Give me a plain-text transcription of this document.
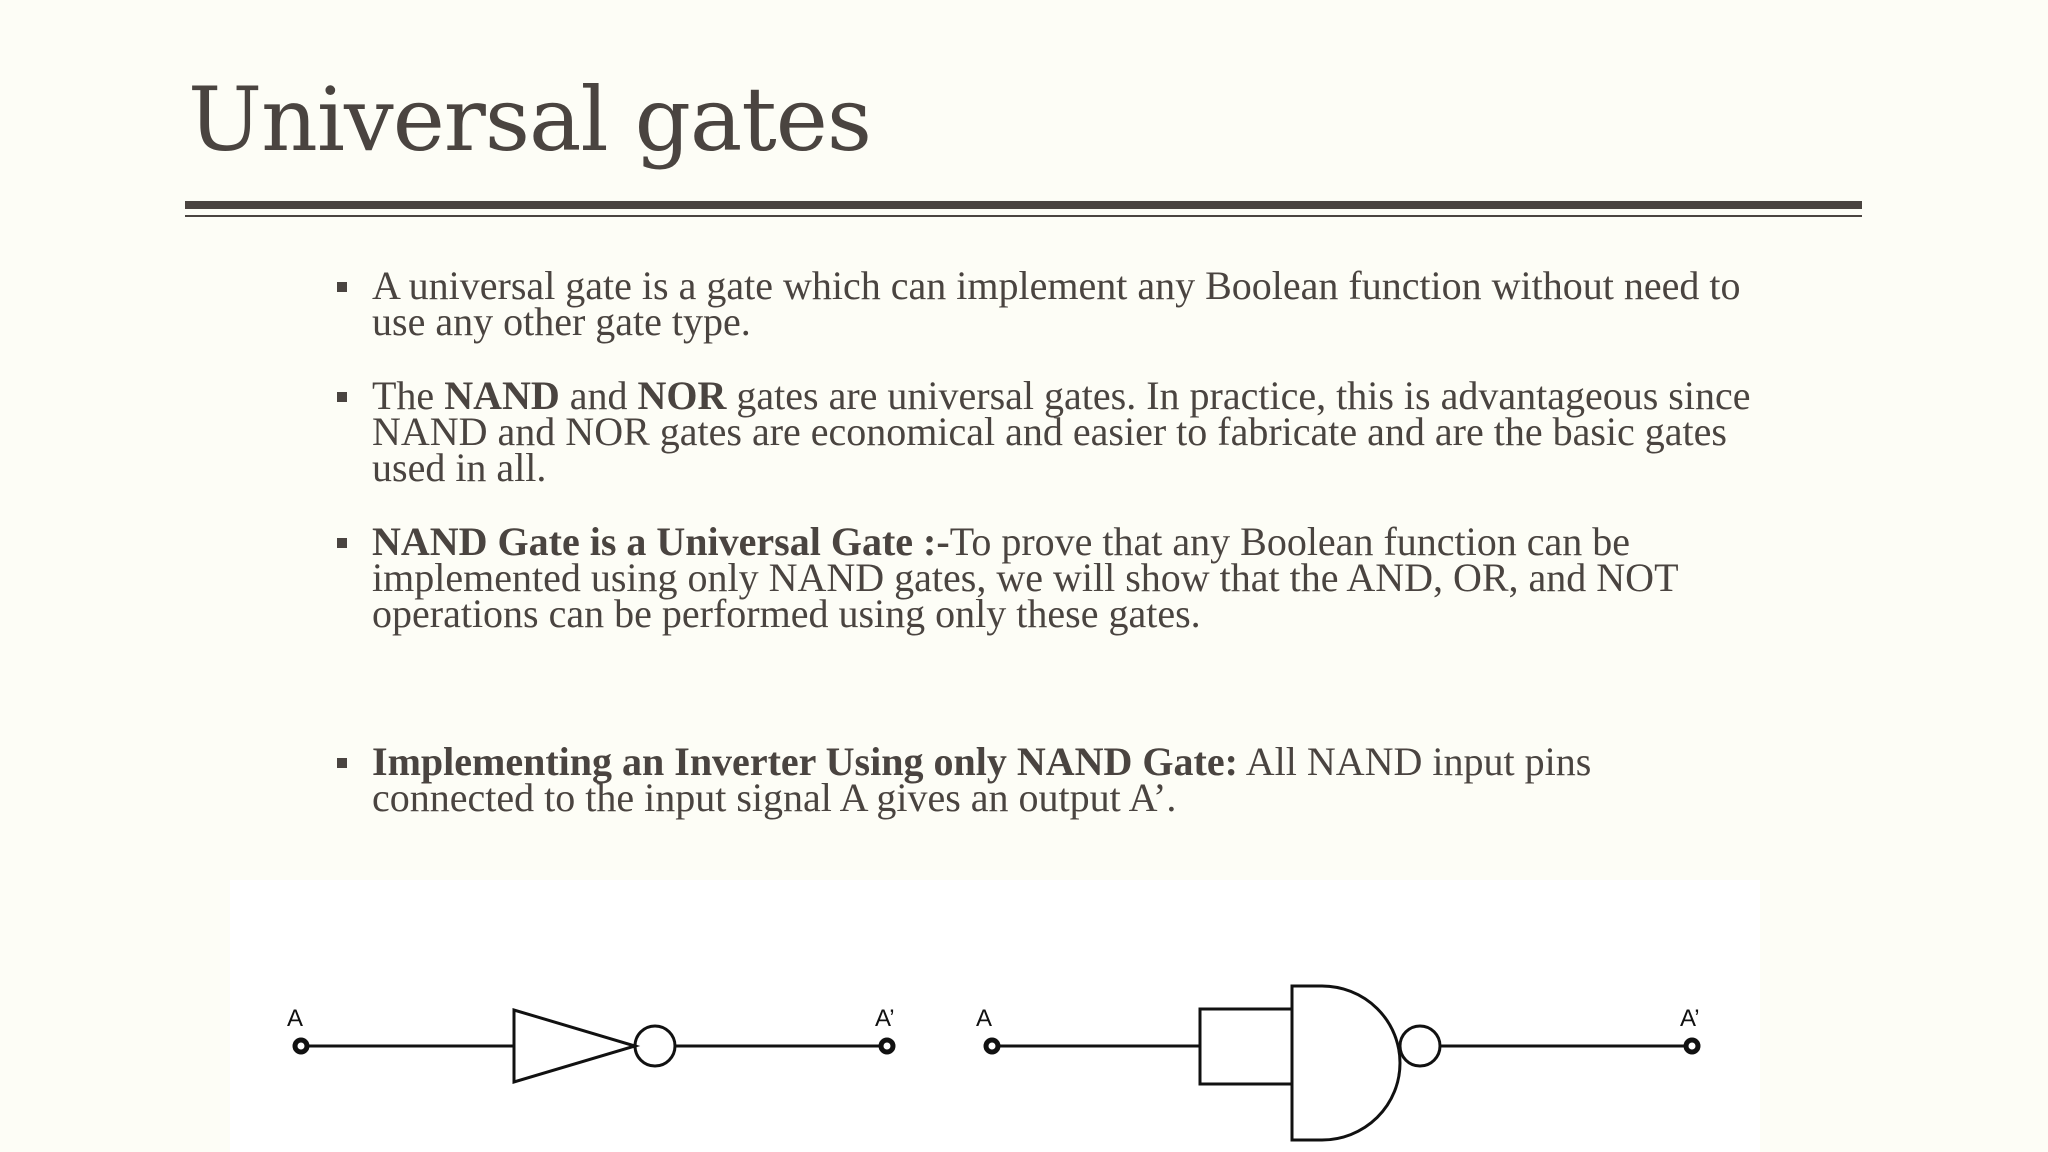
Universal gates
A universal gate is a gate which can implement any Boolean function without need to use any other gate type.
The NAND and NOR gates are universal gates. In practice, this is advantageous since NAND and NOR gates are economical and easier to fabricate and are the basic gates used in all.
NAND Gate is a Universal Gate :-To prove that any Boolean function can be implemented using only NAND gates, we will show that the AND, OR, and NOT operations can be performed using only these gates.
Implementing an Inverter Using only NAND Gate: All NAND input pins connected to the input signal A gives an output A’.
A	A’	A	A’
